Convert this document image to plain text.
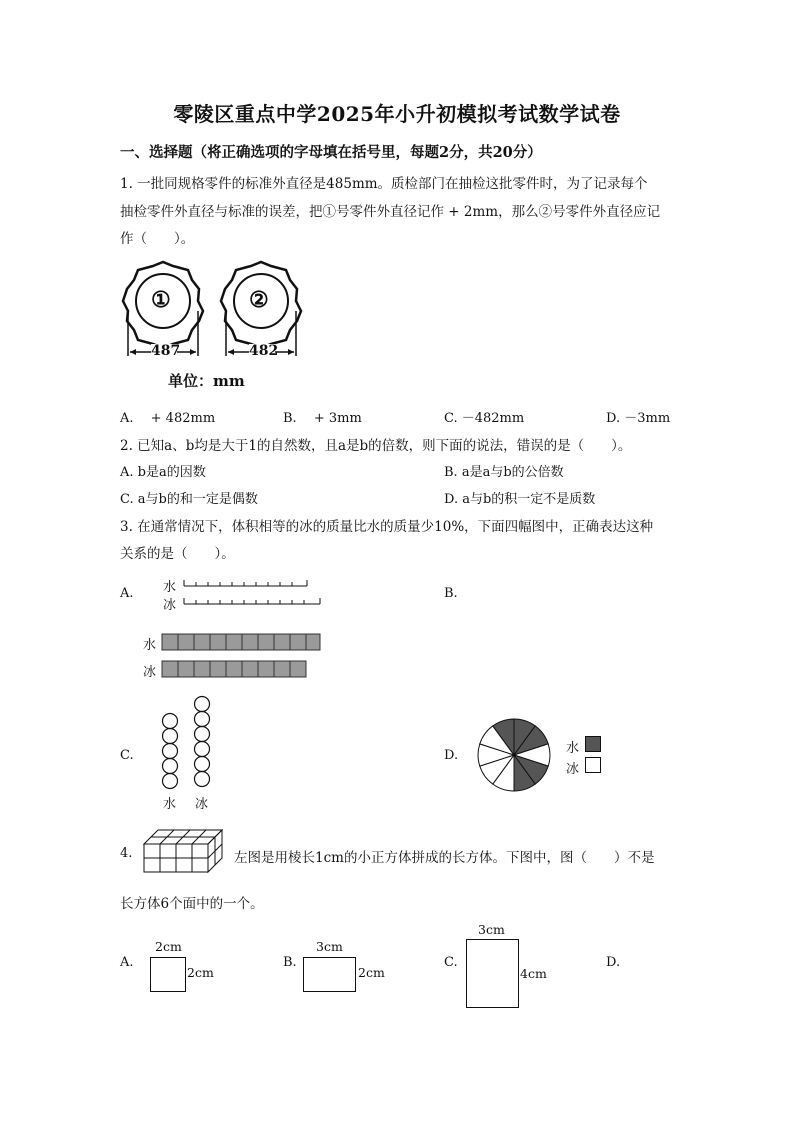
零陵区重点中学2025年小升初模拟考试数学试卷
一、选择题（将正确选项的字母填在括号里，每题2分，共20分）
1. 一批同规格零件的标准外直径是485mm。质检部门在抽检这批零件时，为了记录每个
抽检零件外直径与标准的误差，把①号零件外直径记作 + 2mm，那么②号零件外直径应记
作（　　）。
①	②
487	482
单位：mm
A.　 + 482mm	B.　 + 3mm	C. －482mm	D. －3mm
2. 已知a、b均是大于1的自然数，且a是b的倍数，则下面的说法，错误的是（　　）。
A. b是a的因数	B. a是a与b的公倍数
C. a与b的和一定是偶数	D. a与b的积一定不是质数
3. 在通常情况下，体积相等的冰的质量比水的质量少10%，下面四幅图中，正确表达这种
关系的是（　　）。
A. 水
冰
B.
水
冰
C.
水 冰
D.	水
冰
4.	左图是用棱长1cm的小正方体拼成的长方体。下图中，图（　　）不是
长方体6个面中的一个。
A.
2cm
2cm
B.
3cm
2cm
C.
3cm
4cm
D.
